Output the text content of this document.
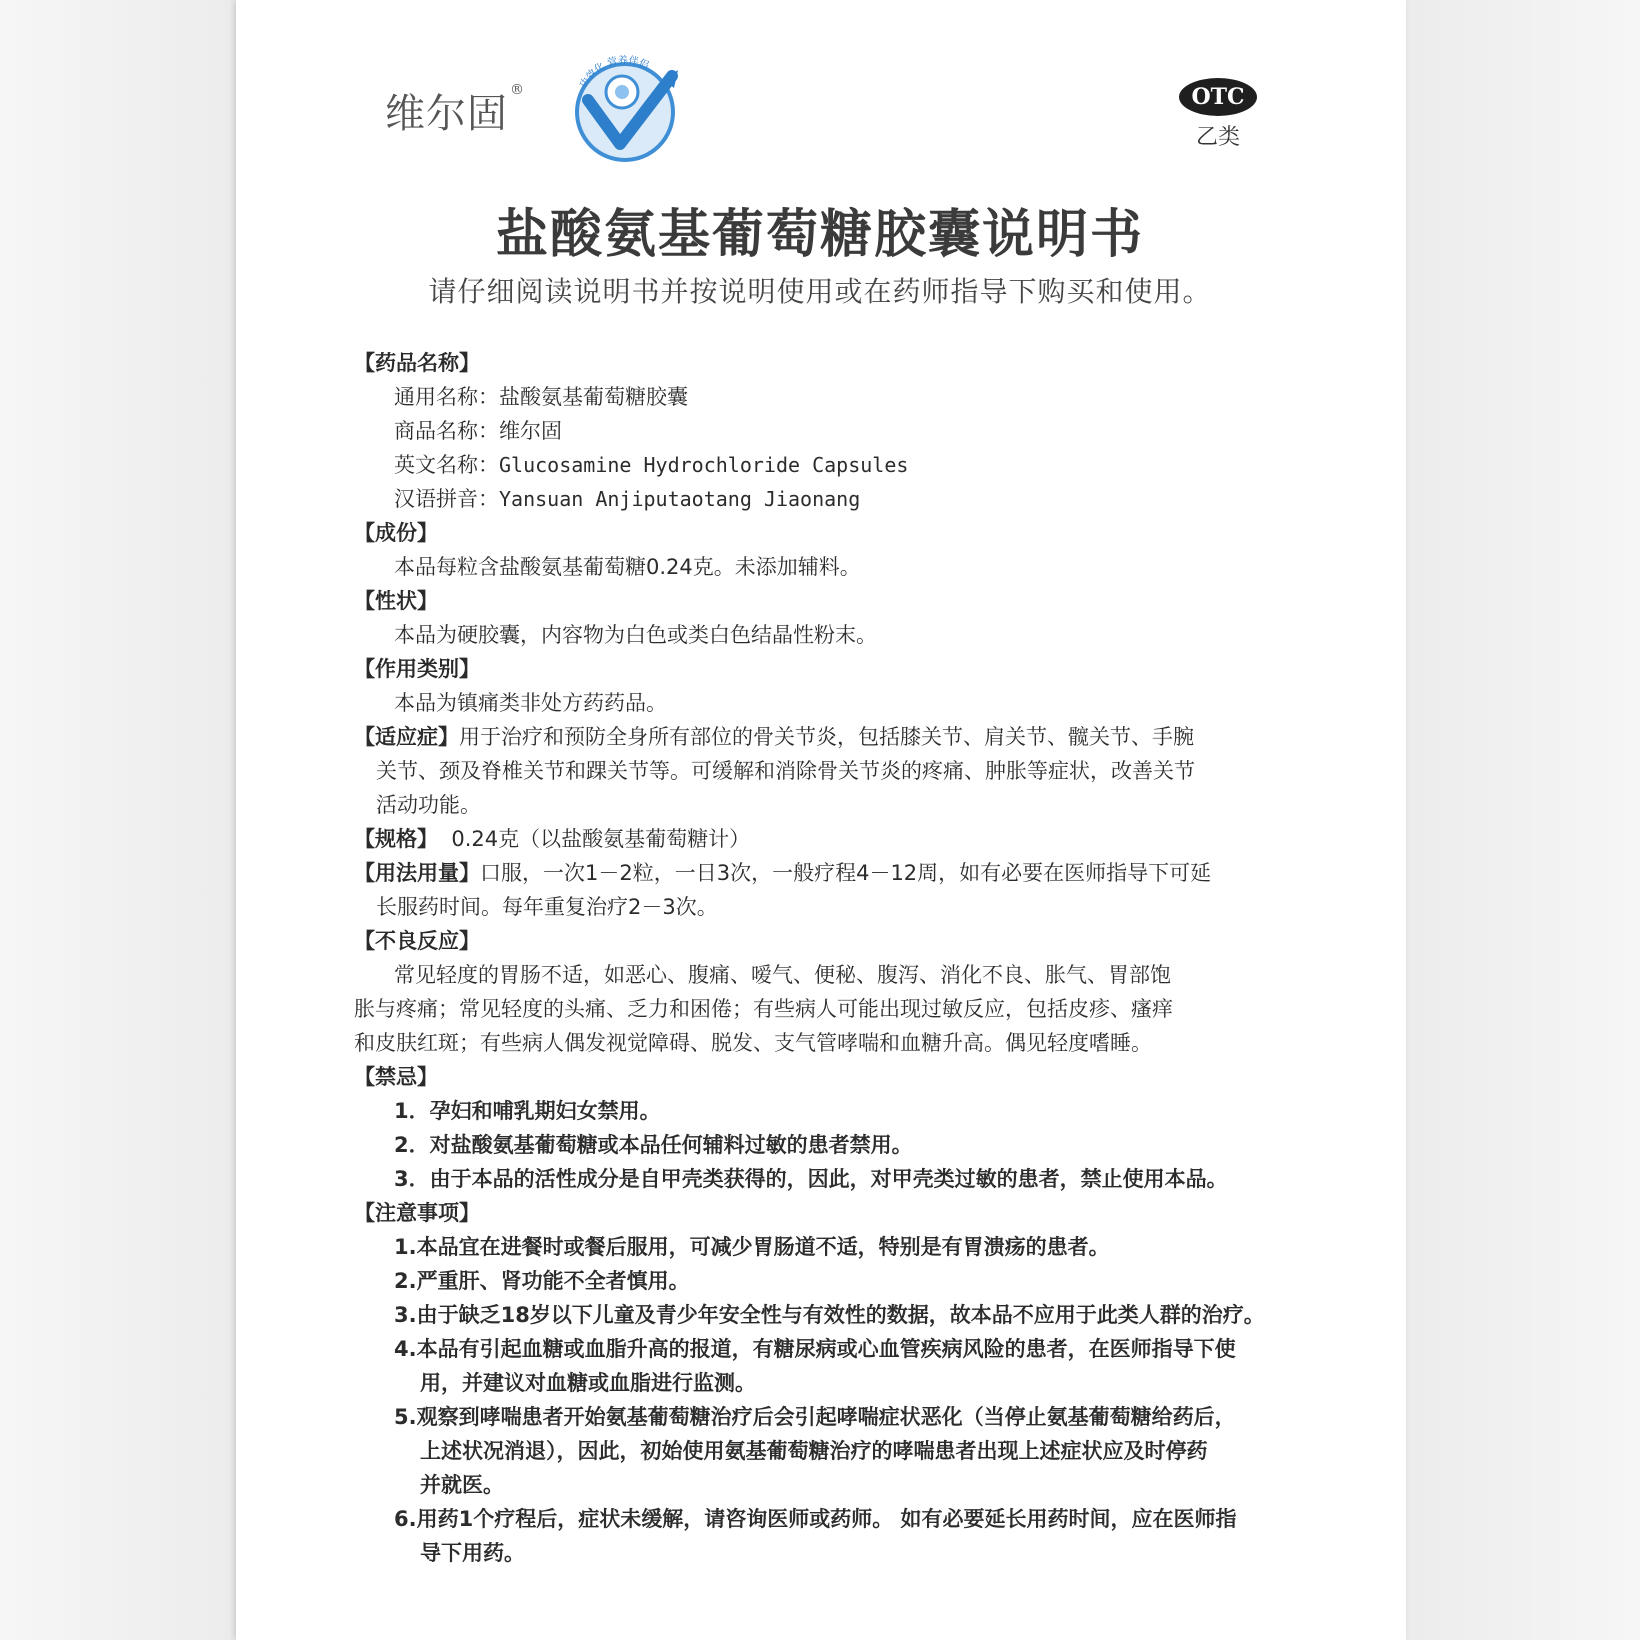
维尔固®	功效化 营养伴侣
OTC
乙类
盐酸氨基葡萄糖胶囊说明书
请仔细阅读说明书并按说明使用或在药师指导下购买和使用。
【药品名称】
通用名称：盐酸氨基葡萄糖胶囊
商品名称：维尔固
英文名称：Glucosamine Hydrochloride Capsules
汉语拼音：Yansuan Anjiputaotang Jiaonang
【成份】
本品每粒含盐酸氨基葡萄糖0.24克。未添加辅料。
【性状】
本品为硬胶囊，内容物为白色或类白色结晶性粉末。
【作用类别】
本品为镇痛类非处方药药品。
【适应症】用于治疗和预防全身所有部位的骨关节炎，包括膝关节、肩关节、髋关节、手腕
关节、颈及脊椎关节和踝关节等。可缓解和消除骨关节炎的疼痛、肿胀等症状，改善关节
活动功能。
【规格】 0.24克（以盐酸氨基葡萄糖计）
【用法用量】口服，一次1－2粒，一日3次，一般疗程4－12周，如有必要在医师指导下可延
长服药时间。每年重复治疗2－3次。
【不良反应】
常见轻度的胃肠不适，如恶心、腹痛、嗳气、便秘、腹泻、消化不良、胀气、胃部饱
胀与疼痛；常见轻度的头痛、乏力和困倦；有些病人可能出现过敏反应，包括皮疹、瘙痒
和皮肤红斑；有些病人偶发视觉障碍、脱发、支气管哮喘和血糖升高。偶见轻度嗜睡。
【禁忌】
1．孕妇和哺乳期妇女禁用。
2．对盐酸氨基葡萄糖或本品任何辅料过敏的患者禁用。
3．由于本品的活性成分是自甲壳类获得的，因此，对甲壳类过敏的患者，禁止使用本品。
【注意事项】
1.本品宜在进餐时或餐后服用，可减少胃肠道不适，特别是有胃溃疡的患者。
2.严重肝、肾功能不全者慎用。
3.由于缺乏18岁以下儿童及青少年安全性与有效性的数据，故本品不应用于此类人群的治疗。
4.本品有引起血糖或血脂升高的报道，有糖尿病或心血管疾病风险的患者，在医师指导下使
用，并建议对血糖或血脂进行监测。
5.观察到哮喘患者开始氨基葡萄糖治疗后会引起哮喘症状恶化（当停止氨基葡萄糖给药后，
上述状况消退），因此，初始使用氨基葡萄糖治疗的哮喘患者出现上述症状应及时停药
并就医。
6.用药1个疗程后，症状未缓解，请咨询医师或药师。 如有必要延长用药时间，应在医师指
导下用药。
